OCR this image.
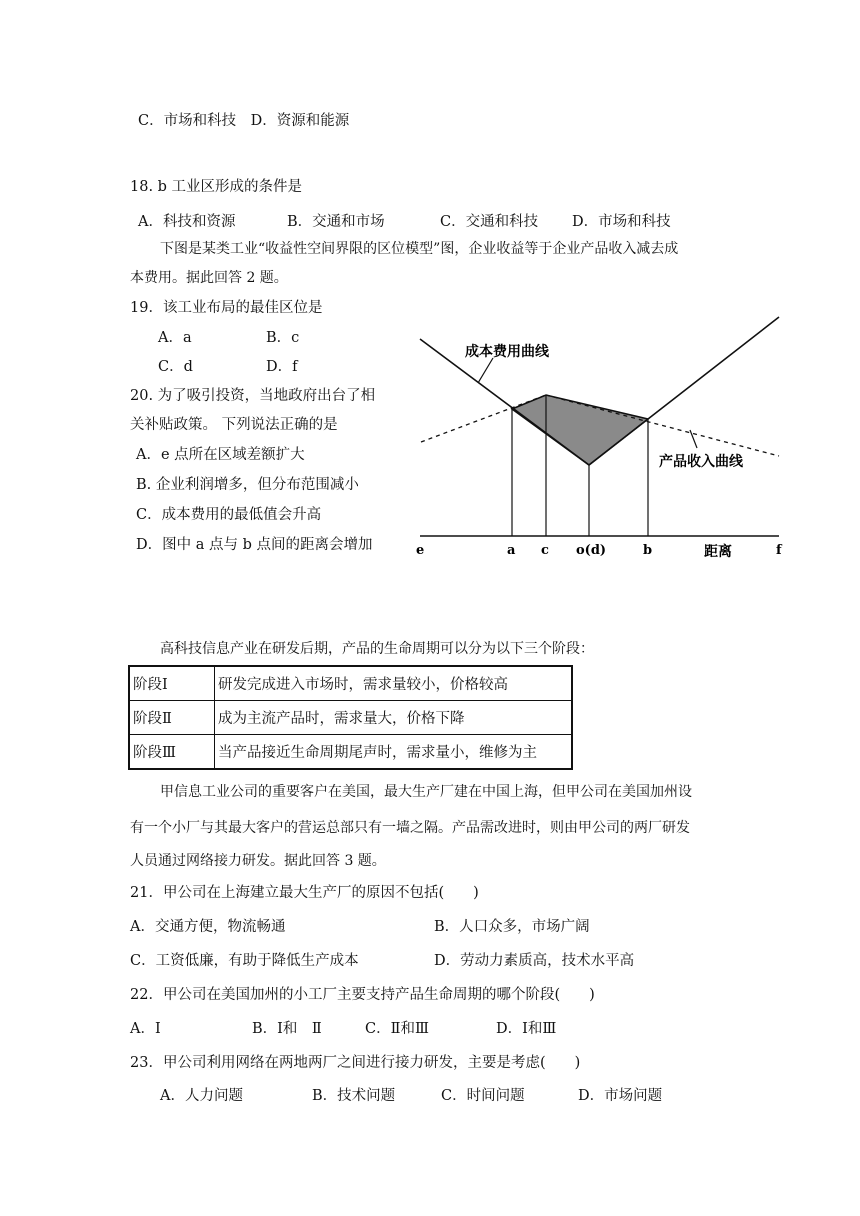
C．市场和科技　D．资源和能源
18. b 工业区形成的条件是
A．科技和资源	B．交通和市场	C．交通和科技 D．市场和科技
下图是某类工业“收益性空间界限的区位模型”图，企业收益等于企业产品收入减去成
本费用。据此回答 2 题。
19．该工业布局的最佳区位是
A．a	B．c
C．d	D．f
20. 为了吸引投资，当地政府出台了相
关补贴政策。 下列说法正确的是
A．e 点所在区域差额扩大
B. 企业利润增多，但分布范围减小
C．成本费用的最低值会升高
D．图中 a 点与 b 点间的距离会增加
成本费用曲线
产品收入曲线
e	a c o(d)	b	距离	f
高科技信息产业在研发后期，产品的生命周期可以分为以下三个阶段：
阶段Ⅰ	研发完成进入市场时，需求量较小，价格较高
阶段Ⅱ	成为主流产品时，需求量大，价格下降
阶段Ⅲ	当产品接近生命周期尾声时，需求量小，维修为主
甲信息工业公司的重要客户在美国，最大生产厂建在中国上海，但甲公司在美国加州设
有一个小厂与其最大客户的营运总部只有一墙之隔。产品需改进时，则由甲公司的两厂研发
人员通过网络接力研发。据此回答 3 题。
21．甲公司在上海建立最大生产厂的原因不包括(　　)
A．交通方便，物流畅通	B．人口众多，市场广阔
C．工资低廉，有助于降低生产成本	D．劳动力素质高，技术水平高
22．甲公司在美国加州的小工厂主要支持产品生命周期的哪个阶段(　　)
A．Ⅰ	B．Ⅰ和　Ⅱ	C．Ⅱ和Ⅲ	D．Ⅰ和Ⅲ
23．甲公司利用网络在两地两厂之间进行接力研发，主要是考虑(　　)
A．人力问题	B．技术问题	C．时间问题	D．市场问题
